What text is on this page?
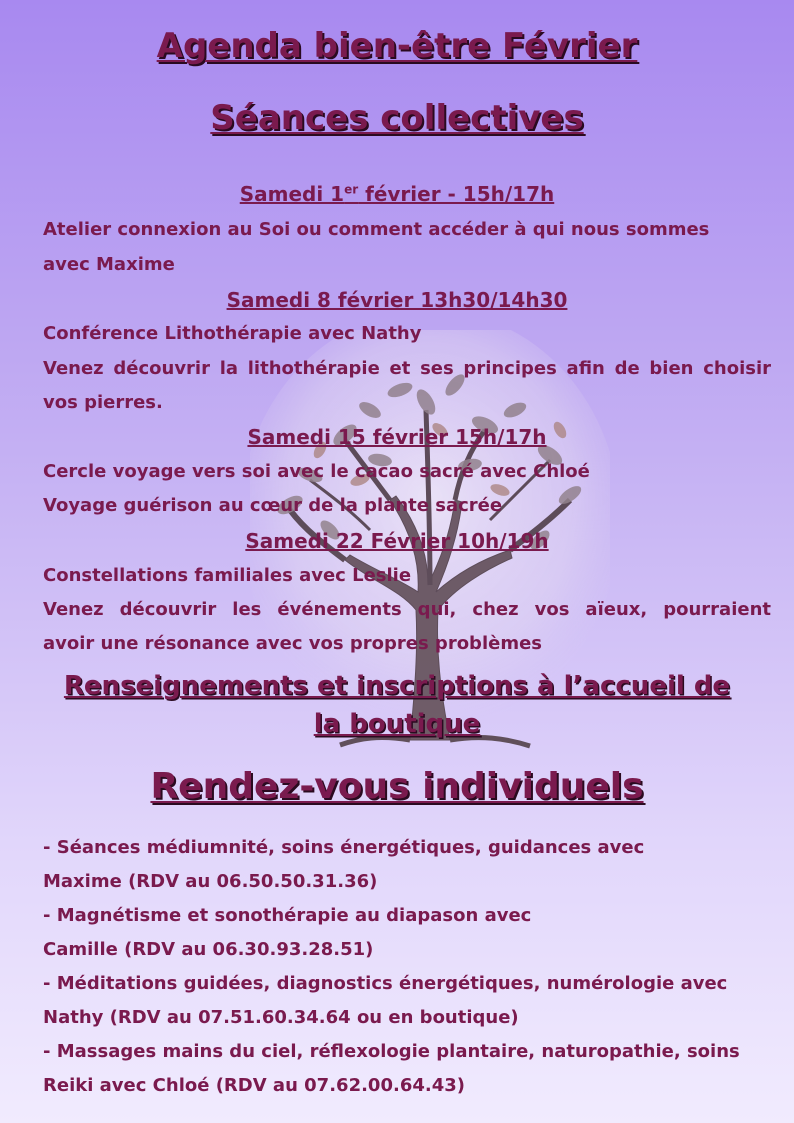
Agenda bien-être Février
Séances collectives
Samedi 1er février - 15h/17h
Atelier connexion au Soi ou comment accéder à qui nous sommes
avec Maxime
Samedi 8 février 13h30/14h30
Conférence Lithothérapie avec Nathy
Venez découvrir la lithothérapie et ses principes afin de bien choisir
vos pierres.
Samedi 15 février 15h/17h
Cercle voyage vers soi avec le cacao sacré avec Chloé
Voyage guérison au cœur de la plante sacrée
Samedi 22 Février 10h/19h
Constellations familiales avec Leslie
Venez découvrir les événements qui, chez vos aïeux, pourraient
avoir une résonance avec vos propres problèmes
Renseignements et inscriptions à l’accueil de
la boutique
Rendez-vous individuels
- Séances médiumnité, soins énergétiques, guidances avec
Maxime (RDV au 06.50.50.31.36)
- Magnétisme et sonothérapie au diapason avec
Camille (RDV au 06.30.93.28.51)
- Méditations guidées, diagnostics énergétiques, numérologie avec
Nathy (RDV au 07.51.60.34.64 ou en boutique)
- Massages mains du ciel, réflexologie plantaire, naturopathie, soins
Reiki avec Chloé (RDV au 07.62.00.64.43)
